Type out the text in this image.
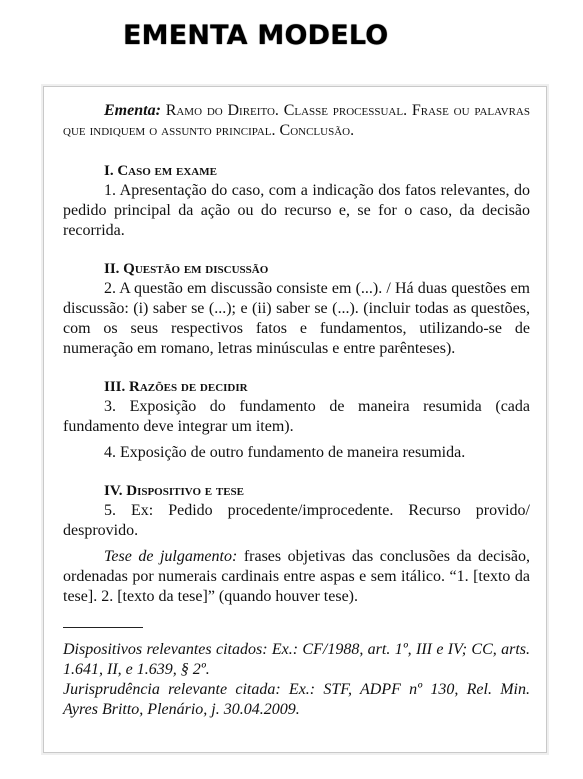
EMENTA MODELO

Ementa: Ramo do Direito. Classe processual. Frase ou palavras que indiquem o assunto principal. Conclusão.

I. Caso em exame

1. Apresentação do caso, com a indicação dos fatos relevantes, do pedido principal da ação ou do recurso e, se for o caso, da decisão recorrida.

II. Questão em discussão

2. A questão em discussão consiste em (...). / Há duas questões em discussão: (i) saber se (...); e (ii) saber se (...). (incluir todas as questões, com os seus respectivos fatos e fundamentos, utilizando-se de numeração em romano, letras minúsculas e entre parênteses).

III. Razões de decidir

3. Exposição do fundamento de maneira resumida (cada fundamento deve integrar um item).

4. Exposição de outro fundamento de maneira resumida.

IV. Dispositivo e tese

5. Ex: Pedido procedente/improcedente. Recurso provido/ desprovido.

Tese de julgamento: frases objetivas das conclusões da decisão, ordenadas por numerais cardinais entre aspas e sem itálico. “1. [texto da tese]. 2. [texto da tese]” (quando houver tese).

Dispositivos relevantes citados: Ex.: CF/1988, art. 1º, III e IV; CC, arts. 1.641, II, e 1.639, § 2º.

Jurisprudência relevante citada: Ex.: STF, ADPF nº 130, Rel. Min. Ayres Britto, Plenário, j. 30.04.2009.
